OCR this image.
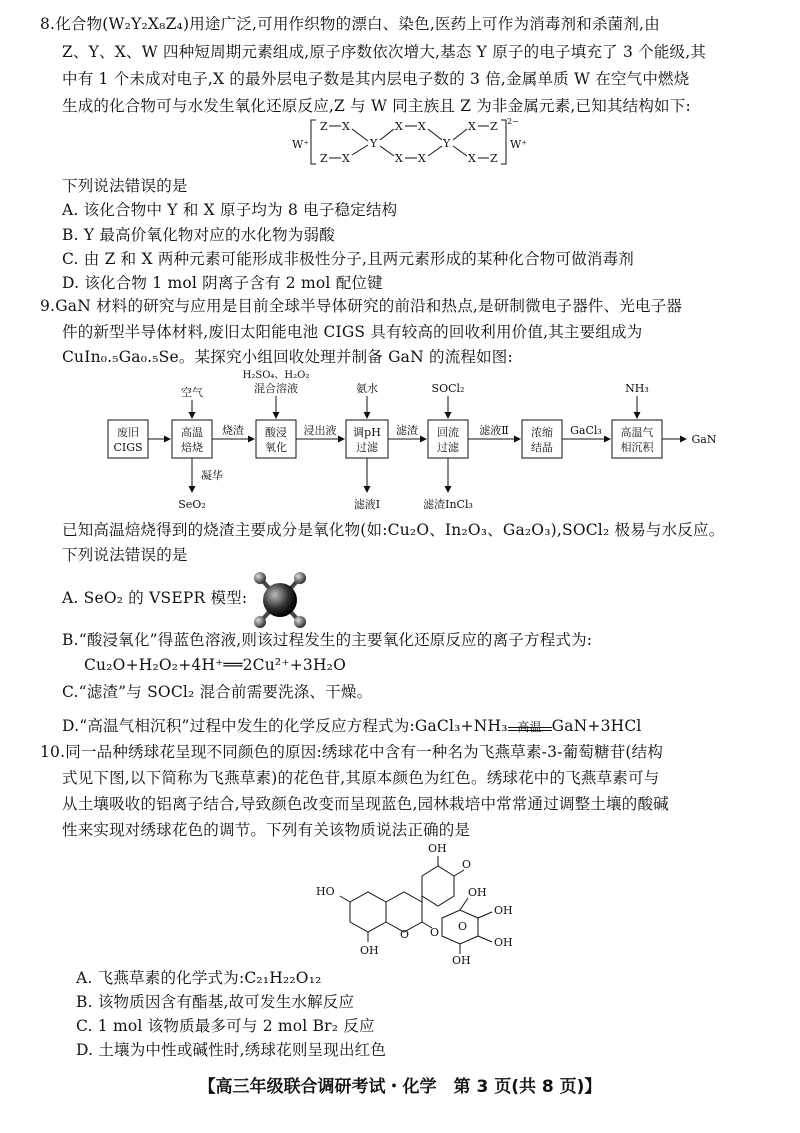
8.化合物(W₂Y₂X₈Z₄)用途广泛,可用作织物的漂白、染色,医药上可作为消毒剂和杀菌剂,由
Z、Y、X、W 四种短周期元素组成,原子序数依次增大,基态 Y 原子的电子填充了 3 个能级,其
中有 1 个未成对电子,X 的最外层电子数是其内层电子数的 3 倍,金属单质 W 在空气中燃烧
生成的化合物可与水发生氧化还原反应,Z 与 W 同主族且 Z 为非金属元素,已知其结构如下:
W⁺
Z X
Z X
Y
X X
X X
Y
X Z
X Z
2−
W⁺
下列说法错误的是
A. 该化合物中 Y 和 X 原子均为 8 电子稳定结构
B. Y 最高价氧化物对应的水化物为弱酸
C. 由 Z 和 X 两种元素可能形成非极性分子,且两元素形成的某种化合物可做消毒剂
D. 该化合物 1 mol 阴离子含有 2 mol 配位键
9.GaN 材料的研究与应用是目前全球半导体研究的前沿和热点,是研制微电子器件、光电子器
件的新型半导体材料,废旧太阳能电池 CIGS 具有较高的回收利用价值,其主要组成为
CuIn₀.₅Ga₀.₅Se。某探究小组回收处理并制备 GaN 的流程如图:
废旧
CIGS
高温
焙烧
酸浸
氧化
调pH
过滤
回流
过滤
浓缩
结晶
高温气
相沉积
烧渣	浸出液	滤渣	滤液Ⅱ	GaCl₃
GaN
空气
H₂SO₄、H₂O₂
混合溶液	氨水	SOCl₂	NH₃
凝华
SeO₂	滤液Ⅰ	滤渣InCl₃
已知高温焙烧得到的烧渣主要成分是氧化物(如:Cu₂O、In₂O₃、Ga₂O₃),SOCl₂ 极易与水反应。
下列说法错误的是
A. SeO₂ 的 VSEPR 模型:
B.“酸浸氧化”得蓝色溶液,则该过程发生的主要氧化还原反应的离子方程式为:
Cu₂O+H₂O₂+4H⁺══2Cu²⁺+3H₂O
C.“滤渣”与 SOCl₂ 混合前需要洗涤、干燥。
D.“高温气相沉积”过程中发生的化学反应方程式为:GaCl₃+NH₃ 高温 GaN+3HCl
10.同一品种绣球花呈现不同颜色的原因:绣球花中含有一种名为飞燕草素-3-葡萄糖苷(结构
式见下图,以下简称为飞燕草素)的花色苷,其原本颜色为红色。绣球花中的飞燕草素可与
从土壤吸收的铝离子结合,导致颜色改变而呈现蓝色,园林栽培中常常通过调整土壤的酸碱
性来实现对绣球花色的调节。下列有关该物质说法正确的是
OH
O
HO
OH
O O O
OH
OH
OH
OH
A. 飞燕草素的化学式为:C₂₁H₂₂O₁₂
B. 该物质因含有酯基,故可发生水解反应
C. 1 mol 该物质最多可与 2 mol Br₂ 反应
D. 土壤为中性或碱性时,绣球花则呈现出红色
【高三年级联合调研考试・化学　第 3 页(共 8 页)】
